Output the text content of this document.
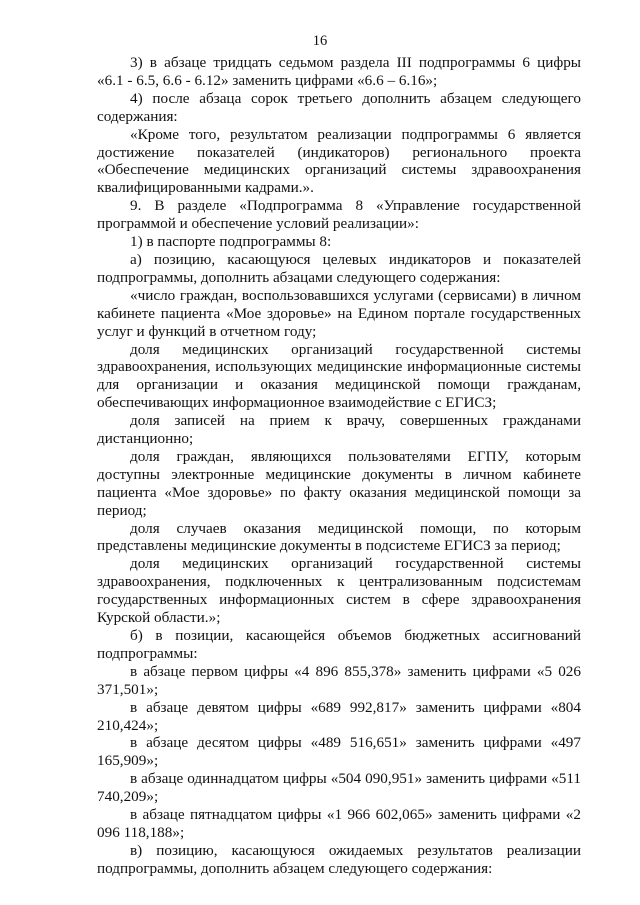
16

3) в абзаце тридцать седьмом раздела III подпрограммы 6 цифры «6.1 - 6.5, 6.6 - 6.12» заменить цифрами «6.6 – 6.16»;

4) после абзаца сорок третьего дополнить абзацем следующего содержания:

«Кроме того, результатом реализации подпрограммы 6 является достижение показателей (индикаторов) регионального проекта «Обеспечение медицинских организаций системы здравоохранения квалифицированными кадрами.».

9. В разделе «Подпрограмма 8 «Управление государственной программой и обеспечение условий реализации»:

1) в паспорте подпрограммы 8:

а) позицию, касающуюся целевых индикаторов и показателей подпрограммы, дополнить абзацами следующего содержания:

«число граждан, воспользовавшихся услугами (сервисами) в личном кабинете пациента «Мое здоровье» на Едином портале государственных услуг и функций в отчетном году;

доля медицинских организаций государственной системы здравоохранения, использующих медицинские информационные системы для организации и оказания медицинской помощи гражданам, обеспечивающих информационное взаимодействие с ЕГИСЗ;

доля записей на прием к врачу, совершенных гражданами дистанционно;

доля граждан, являющихся пользователями ЕГПУ, которым доступны электронные медицинские документы в личном кабинете пациента «Мое здоровье» по факту оказания медицинской помощи за период;

доля случаев оказания медицинской помощи, по которым представлены медицинские документы в подсистеме ЕГИСЗ за период;

доля медицинских организаций государственной системы здравоохранения, подключенных к централизованным подсистемам государственных информационных систем в сфере здравоохранения Курской области.»;

б) в позиции, касающейся объемов бюджетных ассигнований подпрограммы:

в абзаце первом цифры «4 896 855,378» заменить цифрами «5 026 371,501»;

в абзаце девятом цифры «689 992,817» заменить цифрами «804 210,424»;

в абзаце десятом цифры «489 516,651» заменить цифрами «497 165,909»;

в абзаце одиннадцатом цифры «504 090,951» заменить цифрами «511 740,209»;

в абзаце пятнадцатом цифры «1 966 602,065» заменить цифрами «2 096 118,188»;

в) позицию, касающуюся ожидаемых результатов реализации подпрограммы, дополнить абзацем следующего содержания:
